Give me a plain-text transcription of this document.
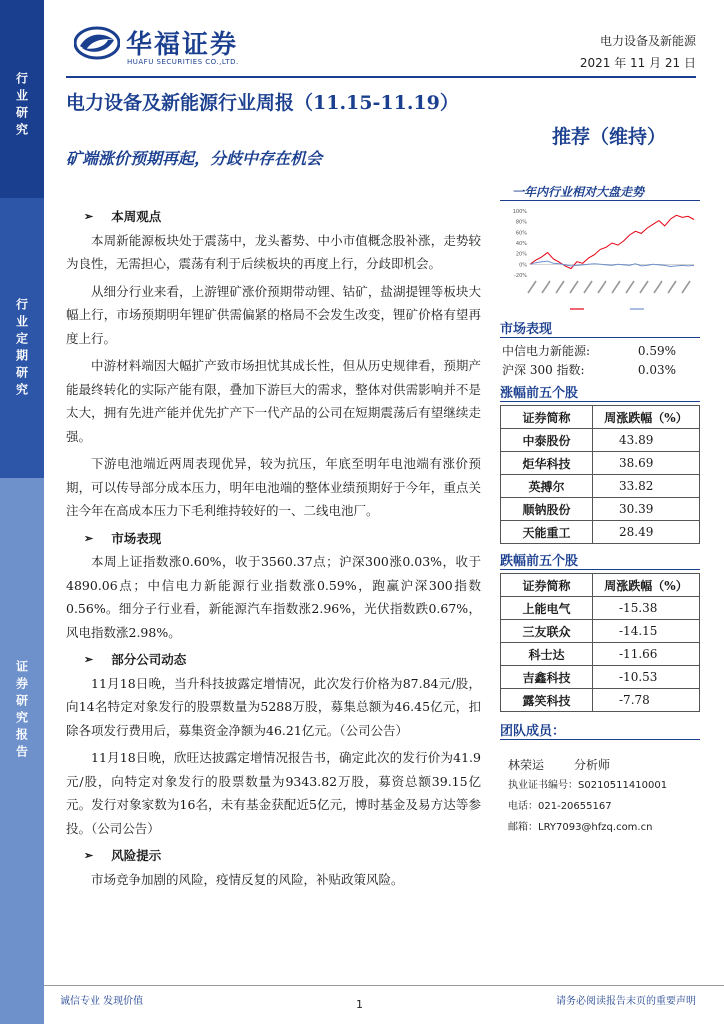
行业研究
行业定期研究
证券研究报告
华福证券
HUAFU SECURITIES CO.,LTD.
电力设备及新能源
2021 年 11 月 21 日
电力设备及新能源行业周报（11.15-11.19）
推荐（维持）
矿端涨价预期再起，分歧中存在机会
➢ 本周观点

本周新能源板块处于震荡中，龙头蓄势、中小市值概念股补涨，走势较为良性，无需担心，震荡有利于后续板块的再度上行，分歧即机会。

从细分行业来看，上游锂矿涨价预期带动锂、钴矿，盐湖提锂等板块大幅上行，市场预期明年锂矿供需偏紧的格局不会发生改变，锂矿价格有望再度上行。

中游材料端因大幅扩产致市场担忧其成长性，但从历史规律看，预期产能最终转化的实际产能有限，叠加下游巨大的需求，整体对供需影响并不是太大，拥有先进产能并优先扩产下一代产品的公司在短期震荡后有望继续走强。

下游电池端近两周表现优异，较为抗压，年底至明年电池端有涨价预期，可以传导部分成本压力，明年电池端的整体业绩预期好于今年，重点关注今年在高成本压力下毛利维持较好的一、二线电池厂。

➢ 市场表现

本周上证指数涨0.60%，收于3560.37点；沪深300涨0.03%，收于4890.06点；中信电力新能源行业指数涨0.59%，跑赢沪深300指数0.56%。细分子行业看，新能源汽车指数涨2.96%，光伏指数跌0.67%，风电指数涨2.98%。

➢ 部分公司动态

11月18日晚，当升科技披露定增情况，此次发行价格为87.84元/股，向14名特定对象发行的股票数量为5288万股，募集总额为46.45亿元，扣除各项发行费用后，募集资金净额为46.21亿元。（公司公告）

11月18日晚，欣旺达披露定增情况报告书，确定此次的发行价为41.9元/股，向特定对象发行的股票数量为9343.82万股，募资总额39.15亿元。发行对象家数为16名，未有基金获配近5亿元，博时基金及易方达等参投。（公司公告）

➢ 风险提示

市场竞争加剧的风险，疫情反复的风险，补贴政策风险。

一年内行业相对大盘走势
100%
80%
60%
40%
20%
0%
-20%
市场表现
中信电力新能源:	0.59%
沪深 300 指数:	0.03%
涨幅前五个股
证券简称	周涨跌幅（%）
中泰股份	43.89
炬华科技	38.69
英搏尔	33.82
顺钠股份	30.39
天能重工	28.49
跌幅前五个股
证券简称	周涨跌幅（%）
上能电气	-15.38
三友联众	-14.15
科士达	-11.66
吉鑫科技	-10.53
露笑科技	-7.78
团队成员：
林荣运	分析师
执业证书编号：S0210511410001
电话：021-20655167
邮箱：LRY7093@hfzq.com.cn
诚信专业 发现价值	1	请务必阅读报告末页的重要声明
